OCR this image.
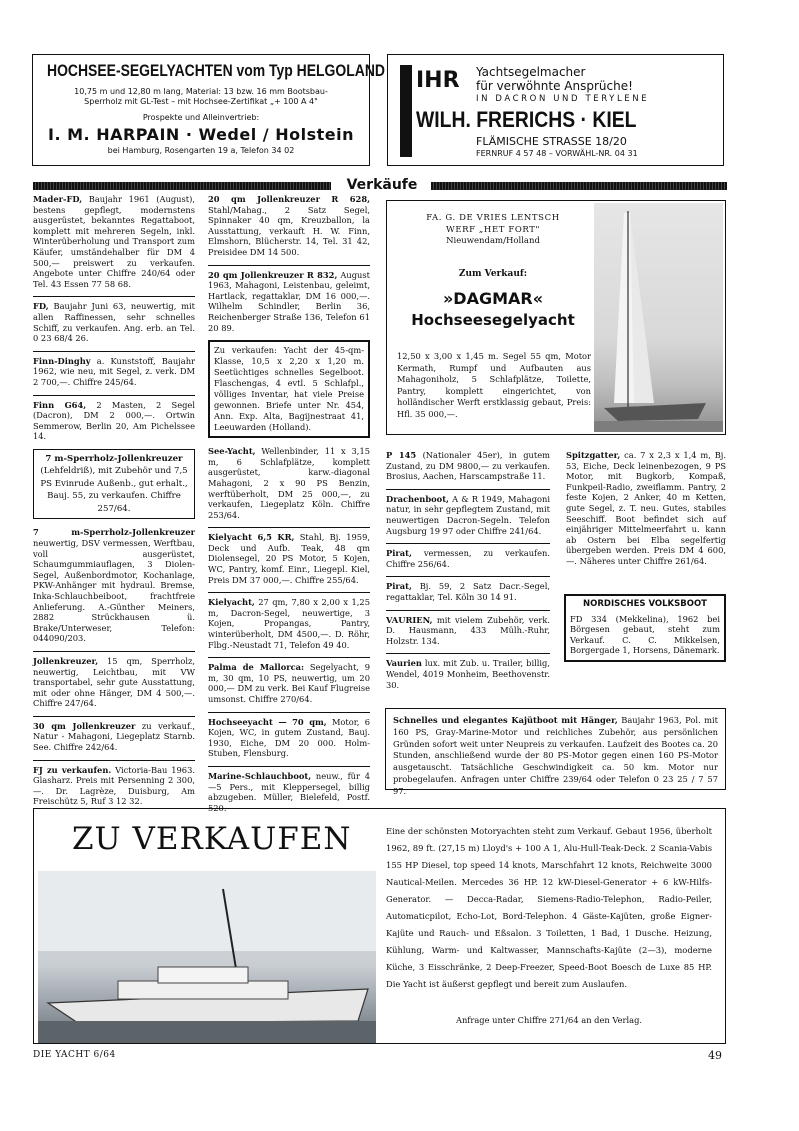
HOCHSEE-SEGELYACHTEN vom Typ HELGOLAND
10,75 m und 12,80 m lang, Material: 13 bzw. 16 mm Bootsbau-
Sperrholz mit GL-Test – mit Hochsee-Zertifikat „+ 100 A 4"
Prospekte und Alleinvertrieb:
I. M. HARPAIN · Wedel / Holstein
bei Hamburg, Rosengarten 19 a, Telefon 34 02
IHR Yachtsegelmacher
für verwöhnte Ansprüche!
IN DACRON UND TERYLENE
WILH. FRERICHS · KIEL
FLÄMISCHE STRASSE 18/20
FERNRUF 4 57 48 – VORWÄHL-NR. 04 31
Verkäufe
Mader-FD, Baujahr 1961 (August), bestens gepflegt, modernstens ausgerüstet, bekanntes Regattaboot, komplett mit mehreren Segeln, inkl. Winterüberholung und Transport zum Käufer, umständehalber für DM 4 500,— preiswert zu verkaufen. Angebote unter Chiffre 240/64 oder Tel. 43 Essen 77 58 68.
FD, Baujahr Juni 63, neuwertig, mit allen Raffinessen, sehr schnelles Schiff, zu verkaufen. Ang. erb. an Tel. 0 23 68/4 26.
Finn-Dinghy a. Kunststoff, Baujahr 1962, wie neu, mit Segel, z. verk. DM 2 700,—. Chiffre 245/64.
Finn G64, 2 Masten, 2 Segel (Dacron), DM 2 000,—. Ortwin Semmerow, Berlin 20, Am Pichelssee 14.
7 m-Sperrholz-Jollenkreuzer (Lehfeldriß), mit Zubehör und 7,5 PS Evinrude Außenb., gut erhalt., Bauj. 55, zu verkaufen. Chiffre 257/64.
7 m-Sperrholz-Jollenkreuzer neuwertig, DSV vermessen, Werftbau, voll ausgerüstet, Schaumgummiauflagen, 3 Diolen-Segel, Außenbordmotor, Kochanlage, PKW-Anhänger mit hydraul. Bremse, Inka-Schlauchbeiboot, frachtfreie Anlieferung. A.-Günther Meiners, 2882 Strückhausen ü. Brake/Unterweser, Telefon: 044090/203.
Jollenkreuzer, 15 qm, Sperrholz, neuwertig, Leichtbau, mit VW transportabel, sehr gute Ausstattung, mit oder ohne Hänger, DM 4 500,—. Chiffre 247/64.
30 qm Jollenkreuzer zu verkauf., Natur - Mahagoni, Liegeplatz Starnb. See. Chiffre 242/64.
FJ zu verkaufen. Victoria-Bau 1963. Glasharz. Preis mit Persenning 2 300,—. Dr. Lagrèze, Duisburg, Am Freischütz 5, Ruf 3 12 32.
20 qm Jollenkreuzer R 628, Stahl/Mahag., 2 Satz Segel, Spinnaker 40 qm, Kreuzballon, la Ausstattung, verkauft H. W. Finn, Elmshorn, Blücherstr. 14, Tel. 31 42, Preisidee DM 14 500.
20 qm Jollenkreuzer R 832, August 1963, Mahagoni, Leistenbau, geleimt, Hartlack, regattaklar, DM 16 000,—. Wilhelm Schindler, Berlin 36, Reichenberger Straße 136, Telefon 61 20 89.
Zu verkaufen: Yacht der 45-qm-Klasse, 10,5 x 2,20 x 1,20 m. Seetüchtiges schnelles Segelboot. Flaschengas, 4 evtl. 5 Schlafpl., völliges Inventar, hat viele Preise gewonnen. Briefe unter Nr. 454, Ann. Exp. Alta, Bagijnestraat 41, Leeuwarden (Holland).
See-Yacht, Wellenbinder, 11 x 3,15 m, 6 Schlafplätze, komplett ausgerüstet, karw.-diagonal Mahagoni, 2 x 90 PS Benzin, werftüberholt, DM 25 000,—, zu verkaufen, Liegeplatz Köln. Chiffre 253/64.
Kielyacht 6,5 KR, Stahl, Bj. 1959, Deck und Aufb. Teak, 48 qm Diolensegel, 20 PS Motor, 5 Kojen, WC, Pantry, komf. Einr., Liegepl. Kiel, Preis DM 37 000,—. Chiffre 255/64.
Kielyacht, 27 qm, 7,80 x 2,00 x 1,25 m, Dacron-Segel, neuwertige, 3 Kojen, Propangas, Pantry, winterüberholt, DM 4500,—. D. Röhr, Flbg.-Neustadt 71, Telefon 49 40.
Palma de Mallorca: Segelyacht, 9 m, 30 qm, 10 PS, neuwertig, um 20 000,— DM zu verk. Bei Kauf Flugreise umsonst. Chiffre 270/64.
Hochseeyacht — 70 qm, Motor, 6 Kojen, WC, in gutem Zustand, Bauj. 1930, Eiche, DM 20 000. Holm-Stuben, Flensburg.
Marine-Schlauchboot, neuw., für 4—5 Pers., mit Kleppersegel, billig abzugeben. Müller, Bielefeld, Postf. 520.
FA. G. DE VRIES LENTSCH
WERF „HET FORT"
Nieuwendam/Holland
Zum Verkauf:
»DAGMAR«
Hochseesegelyacht
12,50 x 3,00 x 1,45 m. Segel 55 qm, Motor Kermath, Rumpf und Aufbauten aus Mahagoniholz, 5 Schlafplätze, Toilette, Pantry, komplett eingerichtet, von holländischer Werft erstklassig gebaut, Preis: Hfl. 35 000,—.
P 145 (Nationaler 45er), in gutem Zustand, zu DM 9800,— zu verkaufen. Brosius, Aachen, Harscampstraße 11.
Drachenboot, A & R 1949, Mahagoni natur, in sehr gepflegtem Zustand, mit neuwertigen Dacron-Segeln. Telefon Augsburg 19 97 oder Chiffre 241/64.
Pirat, vermessen, zu verkaufen. Chiffre 256/64.
Pirat, Bj. 59, 2 Satz Dacr.-Segel, regattaklar, Tel. Köln 30 14 91.
VAURIEN, mit vielem Zubehör, verk. D. Hausmann, 433 Mülh.-Ruhr, Holzstr. 134.
Vaurien lux. mit Zub. u. Trailer, billig, Wendel, 4019 Monheim, Beethovenstr. 30.
Spitzgatter, ca. 7 x 2,3 x 1,4 m, Bj. 53, Eiche, Deck leinenbezogen, 9 PS Motor, mit Bugkorb, Kompaß, Funkpeil-Radio, zweiflamm. Pantry, 2 feste Kojen, 2 Anker, 40 m Ketten, gute Segel, z. T. neu. Gutes, stabiles Seeschiff. Boot befindet sich auf einjähriger Mittelmeerfahrt u. kann ab Ostern bei Elba segelfertig übergeben werden. Preis DM 4 600,—. Näheres unter Chiffre 261/64.
NORDISCHES VOLKSBOOT
FD 334 (Mekkelina), 1962 bei Börgesen gebaut, steht zum Verkauf. C. C. Mikkelsen, Borgergade 1, Horsens, Dänemark.
Schnelles und elegantes Kajütboot mit Hänger, Baujahr 1963, Pol. mit 160 PS, Gray-Marine-Motor und reichliches Zubehör, aus persönlichen Gründen sofort weit unter Neupreis zu verkaufen. Laufzeit des Bootes ca. 20 Stunden, anschließend wurde der 80 PS-Motor gegen einen 160 PS-Motor ausgetauscht. Tatsächliche Geschwindigkeit ca. 50 km. Motor nur probegelaufen. Anfragen unter Chiffre 239/64 oder Telefon 0 23 25 / 7 57 97.
ZU VERKAUFEN	Eine der schönsten Motoryachten steht zum Verkauf. Gebaut 1956, überholt 1962, 89 ft. (27,15 m) Lloyd's + 100 A 1, Alu-Hull-Teak-Deck. 2 Scania-Vabis 155 HP Diesel, top speed 14 knots, Marschfahrt 12 knots, Reichweite 3000 Nautical-Meilen. Mercedes 36 HP. 12 kW-Diesel-Generator + 6 kW-Hilfs-Generator. — Decca-Radar, Siemens-Radio-Telephon, Radio-Peiler, Automaticpilot, Echo-Lot, Bord-Telephon. 4 Gäste-Kajüten, große Eigner-Kajüte und Rauch- und Eßsalon. 3 Toiletten, 1 Bad, 1 Dusche. Heizung, Kühlung, Warm- und Kaltwasser, Mannschafts-Kajüte (2—3), moderne Küche, 3 Eisschränke, 2 Deep-Freezer, Speed-Boot Boesch de Luxe 85 HP. Die Yacht ist äußerst gepflegt und bereit zum Auslaufen.
Anfrage unter Chiffre 271/64 an den Verlag.
DIE YACHT 6/64	49
